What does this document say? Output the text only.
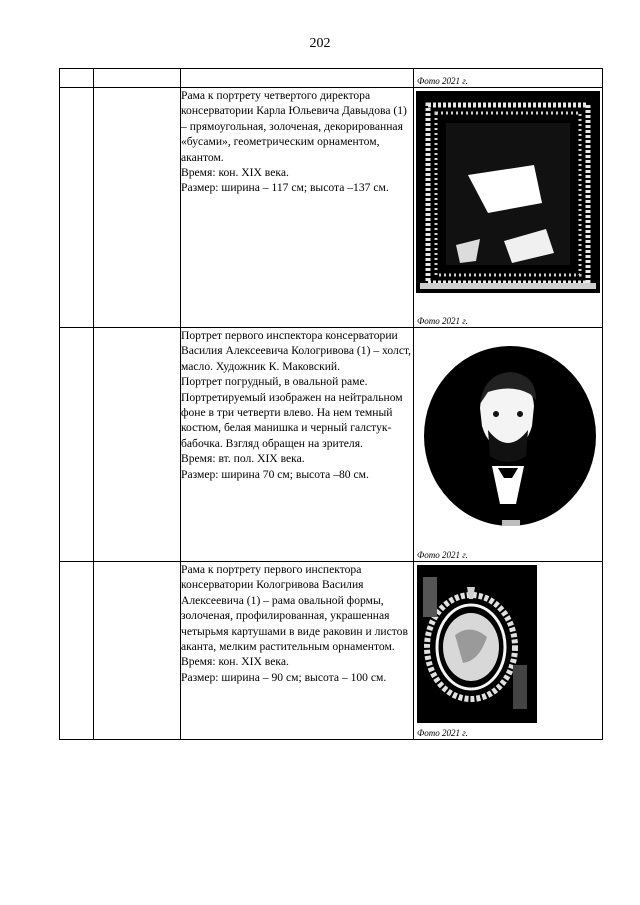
202

			Фото 2021 г.

		Рама к портрету четвертого директора консерватории Карла Юльевича Давыдова (1) – прямоугольная, золоченая, декорированная «бусами», геометрическим орнаментом, акантом.

Время: кон. XIX века.

Размер: ширина – 117 см; высота –137 см.	Фото 2021 г.

		Портрет первого инспектора консерватории Василия Алексеевича Кологривова (1) – холст, масло. Художник К. Маковский.

Портрет погрудный, в овальной раме. Портретируемый изображен на нейтральном фоне в три четверти влево. На нем темный костюм, белая манишка и черный галстук-бабочка. Взгляд обращен на зрителя.

Время: вт. пол. XIX века.

Размер: ширина 70 см; высота –80 см.	Фото 2021 г.

		Рама к портрету первого инспектора консерватории Кологривова Василия Алексеевича (1) – рама овальной формы, золоченая, профилированная, украшенная четырьмя картушами в виде раковин и листов аканта, мелким растительным орнаментом.

Время: кон. XIX века.

Размер: ширина – 90 см; высота – 100 см.	Фото 2021 г.
